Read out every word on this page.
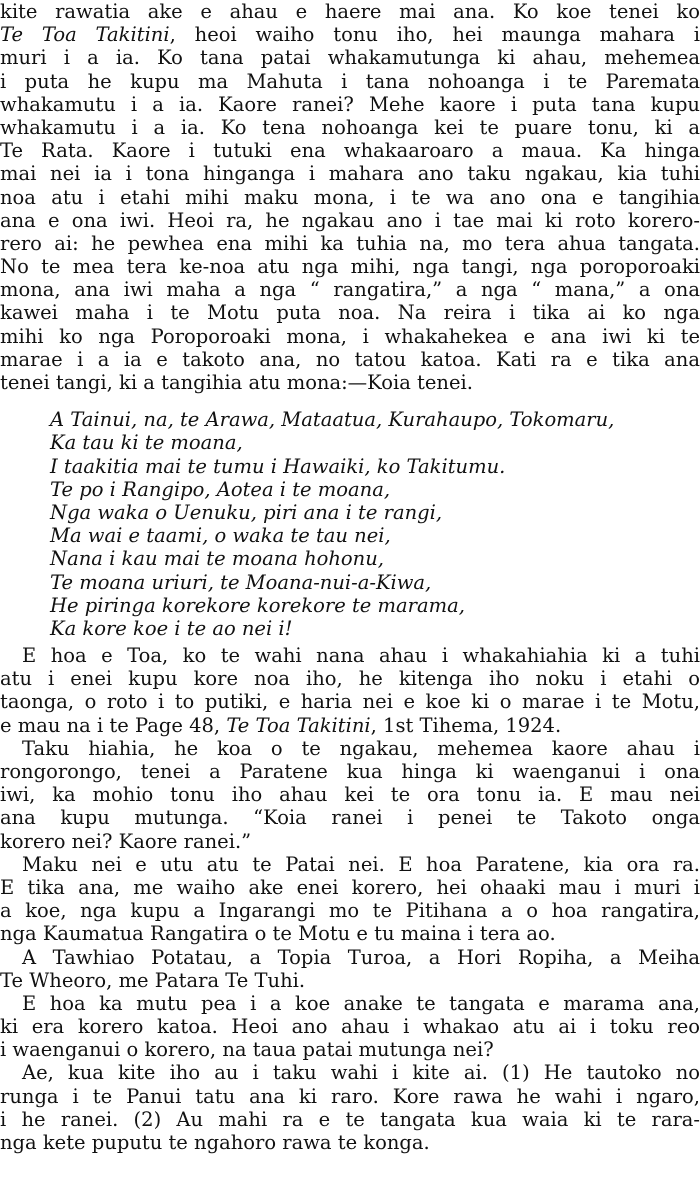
kite rawatia ake e ahau e haere mai ana. Ko koe tenei ko
Te Toa Takitini, heoi waiho tonu iho, hei maunga mahara i
muri i a ia. Ko tana patai whakamutunga ki ahau, mehemea
i puta he kupu ma Mahuta i tana nohoanga i te Paremata
whakamutu i a ia. Kaore ranei? Mehe kaore i puta tana kupu
whakamutu i a ia. Ko tena nohoanga kei te puare tonu, ki a
Te Rata. Kaore i tutuki ena whakaaroaro a maua. Ka hinga
mai nei ia i tona hinganga i mahara ano taku ngakau, kia tuhi
noa atu i etahi mihi maku mona, i te wa ano ona e tangihia
ana e ona iwi. Heoi ra, he ngakau ano i tae mai ki roto korero-
rero ai: he pewhea ena mihi ka tuhia na, mo tera ahua tangata.
No te mea tera ke-noa atu nga mihi, nga tangi, nga poroporoaki
mona, ana iwi maha a nga “ rangatira,” a nga “ mana,” a ona
kawei maha i te Motu puta noa. Na reira i tika ai ko nga
mihi ko nga Poroporoaki mona, i whakahekea e ana iwi ki te
marae i a ia e takoto ana, no tatou katoa. Kati ra e tika ana
tenei tangi, ki a tangihia atu mona:—Koia tenei.
A Tainui, na, te Arawa, Mataatua, Kurahaupo, Tokomaru,
Ka tau ki te moana,
I taakitia mai te tumu i Hawaiki, ko Takitumu.
Te po i Rangipo, Aotea i te moana,
Nga waka o Uenuku, piri ana i te rangi,
Ma wai e taami, o waka te tau nei,
Nana i kau mai te moana hohonu,
Te moana uriuri, te Moana-nui-a-Kiwa,
He piringa korekore korekore te marama,
Ka kore koe i te ao nei i!
E hoa e Toa, ko te wahi nana ahau i whakahiahia ki a tuhi
atu i enei kupu kore noa iho, he kitenga iho noku i etahi o
taonga, o roto i to putiki, e haria nei e koe ki o marae i te Motu,
e mau na i te Page 48, Te Toa Takitini, 1st Tihema, 1924.
Taku hiahia, he koa o te ngakau, mehemea kaore ahau i
rongorongo, tenei a Paratene kua hinga ki waenganui i ona
iwi, ka mohio tonu iho ahau kei te ora tonu ia. E mau nei
ana kupu mutunga. “Koia ranei i penei te Takoto onga
korero nei? Kaore ranei.”
Maku nei e utu atu te Patai nei. E hoa Paratene, kia ora ra.
E tika ana, me waiho ake enei korero, hei ohaaki mau i muri i
a koe, nga kupu a Ingarangi mo te Pitihana a o hoa rangatira,
nga Kaumatua Rangatira o te Motu e tu maina i tera ao.
A Tawhiao Potatau, a Topia Turoa, a Hori Ropiha, a Meiha
Te Wheoro, me Patara Te Tuhi.
E hoa ka mutu pea i a koe anake te tangata e marama ana,
ki era korero katoa. Heoi ano ahau i whakao atu ai i toku reo
i waenganui o korero, na taua patai mutunga nei?
Ae, kua kite iho au i taku wahi i kite ai. (1) He tautoko no
runga i te Panui tatu ana ki raro. Kore rawa he wahi i ngaro,
i he ranei. (2) Au mahi ra e te tangata kua waia ki te rara-
nga kete puputu te ngahoro rawa te konga.
